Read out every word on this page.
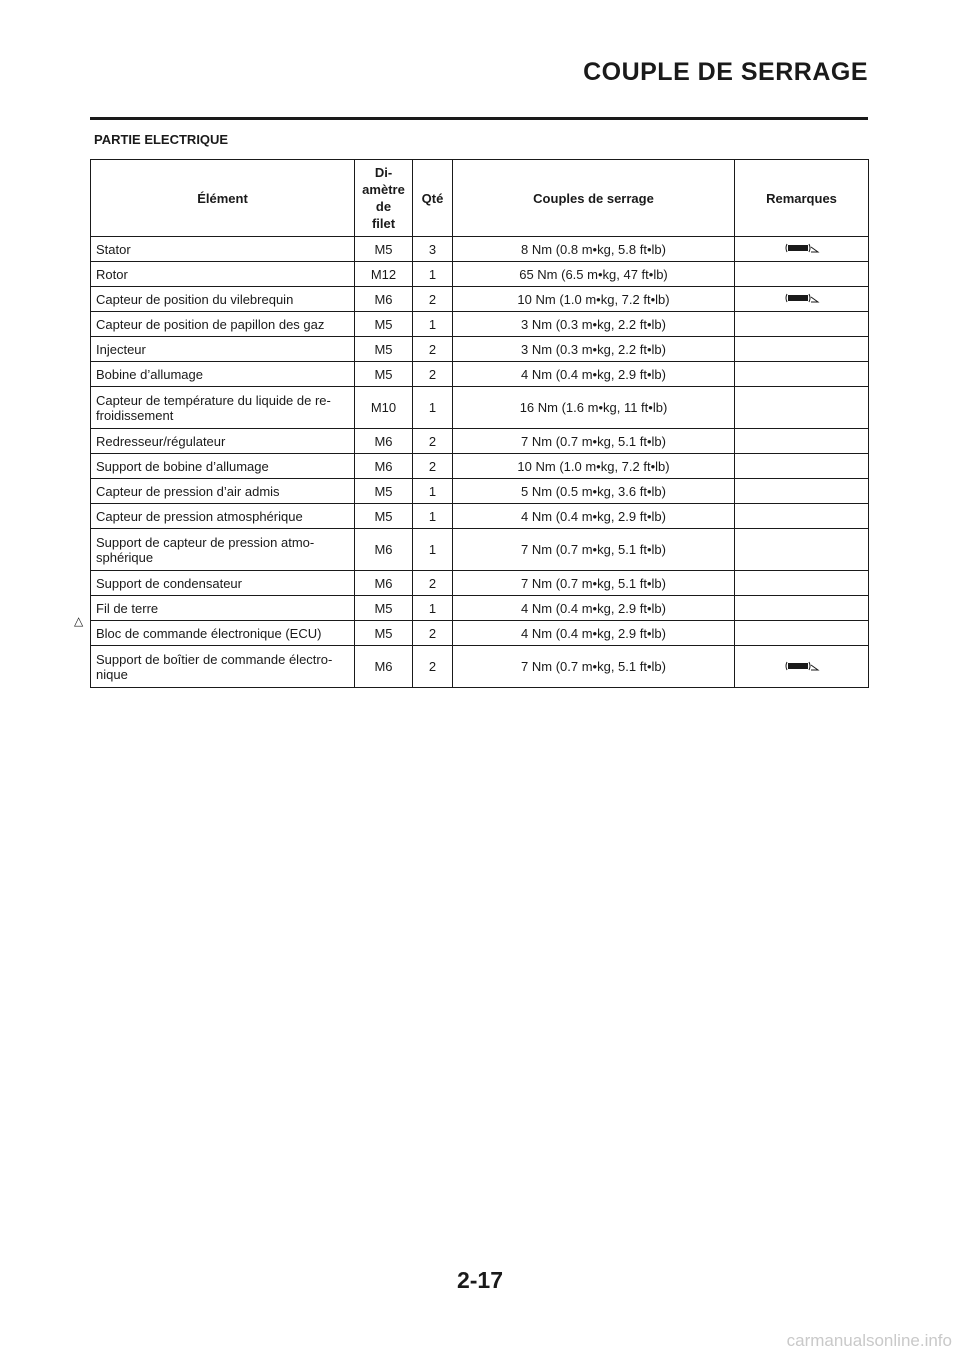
COUPLE DE SERRAGE
PARTIE ELECTRIQUE
Élément	Di-
amètre
de
filet	Qté	Couples de serrage	Remarques
Stator	M5	3	8 Nm (0.8 m•kg, 5.8 ft•lb)	
Rotor	M12	1	65 Nm (6.5 m•kg, 47 ft•lb)	
Capteur de position du vilebrequin	M6	2	10 Nm (1.0 m•kg, 7.2 ft•lb)	
Capteur de position de papillon des gaz	M5	1	3 Nm (0.3 m•kg, 2.2 ft•lb)	
Injecteur	M5	2	3 Nm (0.3 m•kg, 2.2 ft•lb)	
Bobine d’allumage	M5	2	4 Nm (0.4 m•kg, 2.9 ft•lb)	
Capteur de température du liquide de re-
froidissement	M10	1	16 Nm (1.6 m•kg, 11 ft•lb)	
Redresseur/régulateur	M6	2	7 Nm (0.7 m•kg, 5.1 ft•lb)	
Support de bobine d’allumage	M6	2	10 Nm (1.0 m•kg, 7.2 ft•lb)	
Capteur de pression d’air admis	M5	1	5 Nm (0.5 m•kg, 3.6 ft•lb)	
Capteur de pression atmosphérique	M5	1	4 Nm (0.4 m•kg, 2.9 ft•lb)	
Support de capteur de pression atmo-
sphérique	M6	1	7 Nm (0.7 m•kg, 5.1 ft•lb)	
Support de condensateur	M6	2	7 Nm (0.7 m•kg, 5.1 ft•lb)	
Fil de terre	M5	1	4 Nm (0.4 m•kg, 2.9 ft•lb)	
Bloc de commande électronique (ECU)	M5	2	4 Nm (0.4 m•kg, 2.9 ft•lb)	
Support de boîtier de commande électro-
nique	M6	2	7 Nm (0.7 m•kg, 5.1 ft•lb)	
△
2-17
carmanualsonline.info
